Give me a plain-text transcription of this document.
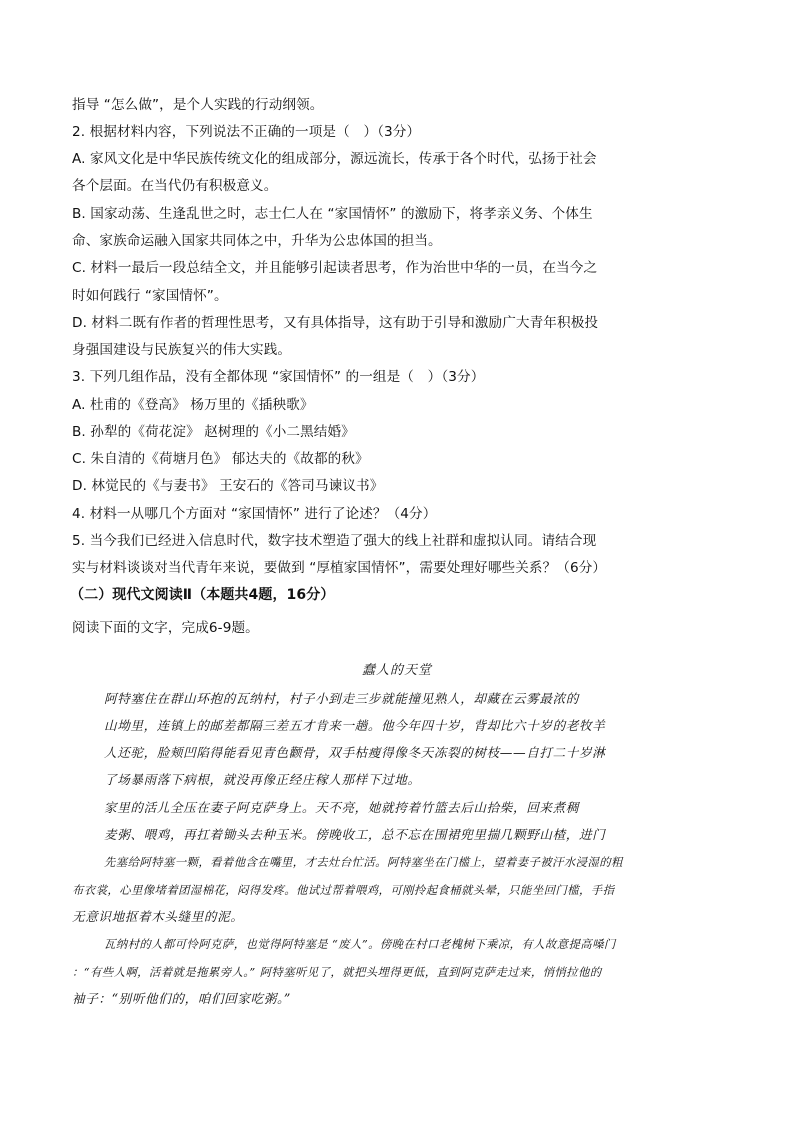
指导 “怎么做”，是个人实践的行动纲领。
2. 根据材料内容，下列说法不正确的一项是（　）（3分）
A. 家风文化是中华民族传统文化的组成部分，源远流长，传承于各个时代，弘扬于社会
各个层面。在当代仍有积极意义。
B. 国家动荡、生逢乱世之时，志士仁人在 “家国情怀” 的激励下，将孝亲义务、个体生
命、家族命运融入国家共同体之中，升华为公忠体国的担当。
C. 材料一最后一段总结全文，并且能够引起读者思考，作为治世中华的一员，在当今之
时如何践行 “家国情怀”。
D. 材料二既有作者的哲理性思考，又有具体指导，这有助于引导和激励广大青年积极投
身强国建设与民族复兴的伟大实践。
3. 下列几组作品，没有全都体现 “家国情怀” 的一组是（　）（3分）
A. 杜甫的《登高》 杨万里的《插秧歌》
B. 孙犁的《荷花淀》 赵树理的《小二黑结婚》
C. 朱自清的《荷塘月色》 郁达夫的《故都的秋》
D. 林觉民的《与妻书》 王安石的《答司马谏议书》
4. 材料一从哪几个方面对 “家国情怀” 进行了论述？（4分）
5. 当今我们已经进入信息时代，数字技术塑造了强大的线上社群和虚拟认同。请结合现
实与材料谈谈对当代青年来说，要做到 “厚植家国情怀”，需要处理好哪些关系？（6分）
（二）现代文阅读Ⅱ（本题共4题，16分）
阅读下面的文字，完成6-9题。
蠢人的天堂
阿特塞住在群山环抱的瓦纳村，村子小到走三步就能撞见熟人，却藏在云雾最浓的
山坳里，连镇上的邮差都隔三差五才肯来一趟。他今年四十岁，背却比六十岁的老牧羊
人还驼，脸颊凹陷得能看见青色颧骨，双手枯瘦得像冬天冻裂的树枝——自打二十岁淋
了场暴雨落下病根，就没再像正经庄稼人那样下过地。
家里的活儿全压在妻子阿克萨身上。天不亮，她就挎着竹篮去后山拾柴，回来煮稠
麦粥、喂鸡，再扛着锄头去种玉米。傍晚收工，总不忘在围裙兜里揣几颗野山楂，进门
先塞给阿特塞一颗，看着他含在嘴里，才去灶台忙活。阿特塞坐在门槛上，望着妻子被汗水浸湿的粗
布衣裳，心里像堵着团湿棉花，闷得发疼。他试过帮着喂鸡，可刚拎起食桶就头晕，只能坐回门槛，手指
无意识地抠着木头缝里的泥。
瓦纳村的人都可怜阿克萨，也觉得阿特塞是 “废人”。傍晚在村口老槐树下乘凉，有人故意提高嗓门
：“有些人啊，活着就是拖累旁人。” 阿特塞听见了，就把头埋得更低，直到阿克萨走过来，悄悄拉他的
袖子：“别听他们的，咱们回家吃粥。”
